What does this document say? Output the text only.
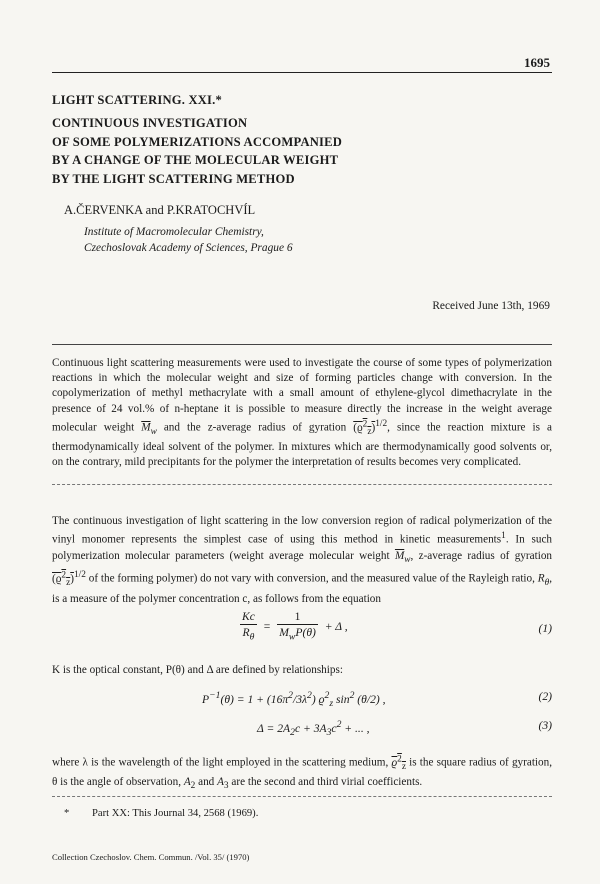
1695
LIGHT SCATTERING. XXI.*
CONTINUOUS INVESTIGATION
OF SOME POLYMERIZATIONS ACCOMPANIED
BY A CHANGE OF THE MOLECULAR WEIGHT
BY THE LIGHT SCATTERING METHOD
A.ČERVENKA and P.KRATOCHVÍL
Institute of Macromolecular Chemistry,
Czechoslovak Academy of Sciences, Prague 6
Received June 13th, 1969
Continuous light scattering measurements were used to investigate the course of some types of polymerization reactions in which the molecular weight and size of forming particles change with conversion. In the copolymerization of methyl methacrylate with a small amount of ethylene-glycol dimethacrylate in the presence of 24 vol.% of n-heptane it is possible to measure directly the increase in the weight average molecular weight $\overline{M}_w$ and the z-average radius of gyration $(ϱ^2_z)^{1/2}$, since the reaction mixture is a thermodynamically ideal solvent of the polymer. In mixtures which are thermodynamically good solvents or, on the contrary, mild precipitants for the polymer the interpretation of results becomes very complicated.
The continuous investigation of light scattering in the low conversion region of radical polymerization of the vinyl monomer represents the simplest case of using this method in kinetic measurements$^1$. In such polymerization molecular parameters (weight average molecular weight $\overline{M}_w$, z-average radius of gyration $(ϱ^2_z)^{1/2}$ of the forming polymer) do not vary with conversion, and the measured value of the Rayleigh ratio, $R_\theta$, is a measure of the polymer concentration c, as follows from the equation
$\frac{Kc}{R_\theta} = \frac{1}{M_wP(\theta)} + \Delta$ ,	(1)
K is the optical constant, P(θ) and Δ are defined by relationships:
$P^{-1}(\theta) = 1 + (16\pi^2/3\lambda^2)$ $ϱ^2_z$ $\sin^2 (\theta/2)$ ,	(2)
$\Delta = 2A_2c + 3A_3c^2$ + ... ,	(3)
where λ is the wavelength of the light employed in the scattering medium, $ϱ^2_z$ is the square radius of gyration, θ is the angle of observation, $A_2$ and $A_3$ are the second and third virial coefficients.
* Part XX: This Journal 34, 2568 (1969).
Collection Czechoslov. Chem. Commun. /Vol. 35/ (1970)
